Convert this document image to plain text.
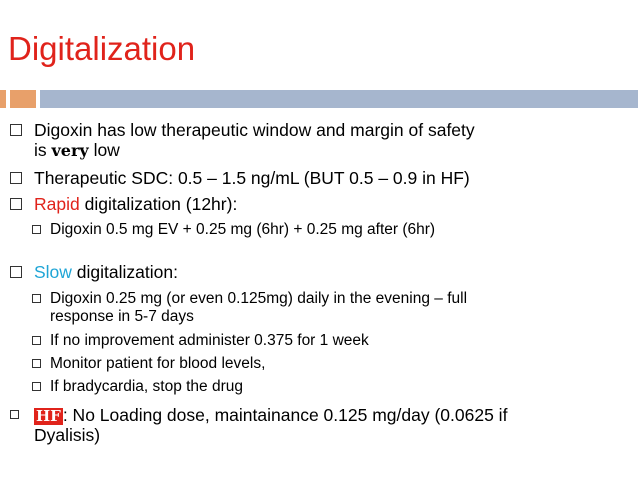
Digitalization
Digoxin has low therapeutic window and margin of safety
is very low
Therapeutic SDC: 0.5 – 1.5 ng/mL (BUT 0.5 – 0.9 in HF)
Rapid digitalization (12hr):
Digoxin 0.5 mg EV + 0.25 mg (6hr) + 0.25 mg after (6hr)
Slow digitalization:
Digoxin 0.25 mg (or even 0.125mg) daily in the evening – full
response in 5-7 days
If no improvement administer 0.375 for 1 week
Monitor patient for blood levels,
If bradycardia, stop the drug
HF : No Loading dose, maintainance 0.125 mg/day (0.0625 if
Dyalisis)
